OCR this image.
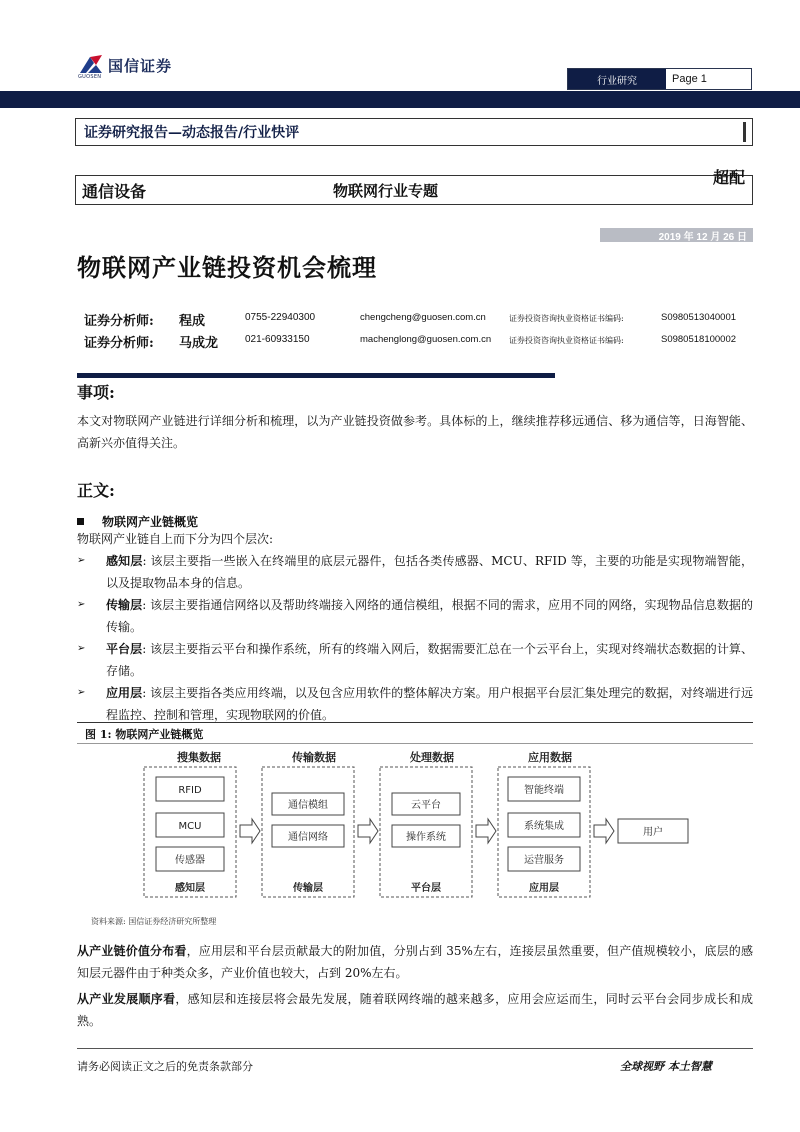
GUOSEN
国信证券
行业研究	Page 1
证券研究报告—动态报告/行业快评
通信设备	物联网行业专题
超配
2019 年 12 月 26 日
物联网产业链投资机会梳理
证券分析师: 程成	0755-22940300	chengcheng@guosen.com.cn	证券投资咨询执业资格证书编码:	S0980513040001
证券分析师: 马成龙	021-60933150	machenglong@guosen.com.cn 证券投资咨询执业资格证书编码:	S0980518100002
事项:

本文对物联网产业链进行详细分析和梳理，以为产业链投资做参考。具体标的上，继续推荐移远通信、移为通信等，日海智能、高新兴亦值得关注。

正文:
物联网产业链概览

物联网产业链自上而下分为四个层次:

➢ 感知层: 该层主要指一些嵌入在终端里的底层元器件，包括各类传感器、MCU、RFID 等，主要的功能是实现物端智能，以及提取物品本身的信息。
➢ 传输层: 该层主要指通信网络以及帮助终端接入网络的通信模组，根据不同的需求，应用不同的网络，实现物品信息数据的传输。
➢ 平台层: 该层主要指云平台和操作系统，所有的终端入网后，数据需要汇总在一个云平台上，实现对终端状态数据的计算、存储。
➢ 应用层: 该层主要指各类应用终端，以及包含应用软件的整体解决方案。用户根据平台层汇集处理完的数据，对终端进行远程监控、控制和管理，实现物联网的价值。
图 1: 物联网产业链概览
搜集数据
RFID
MCU
传感器
感知层
传输数据
通信模组
通信网络
传输层
处理数据
云平台
操作系统
平台层
应用数据
智能终端
系统集成
运营服务
应用层
用户
资料来源: 国信证券经济研究所整理

从产业链价值分布看，应用层和平台层贡献最大的附加值，分别占到 35%左右，连接层虽然重要，但产值规模较小，底层的感知层元器件由于种类众多，产业价值也较大，占到 20%左右。

从产业发展顺序看，感知层和连接层将会最先发展，随着联网终端的越来越多，应用会应运而生，同时云平台会同步成长和成熟。

请务必阅读正文之后的免责条款部分	全球视野 本土智慧
